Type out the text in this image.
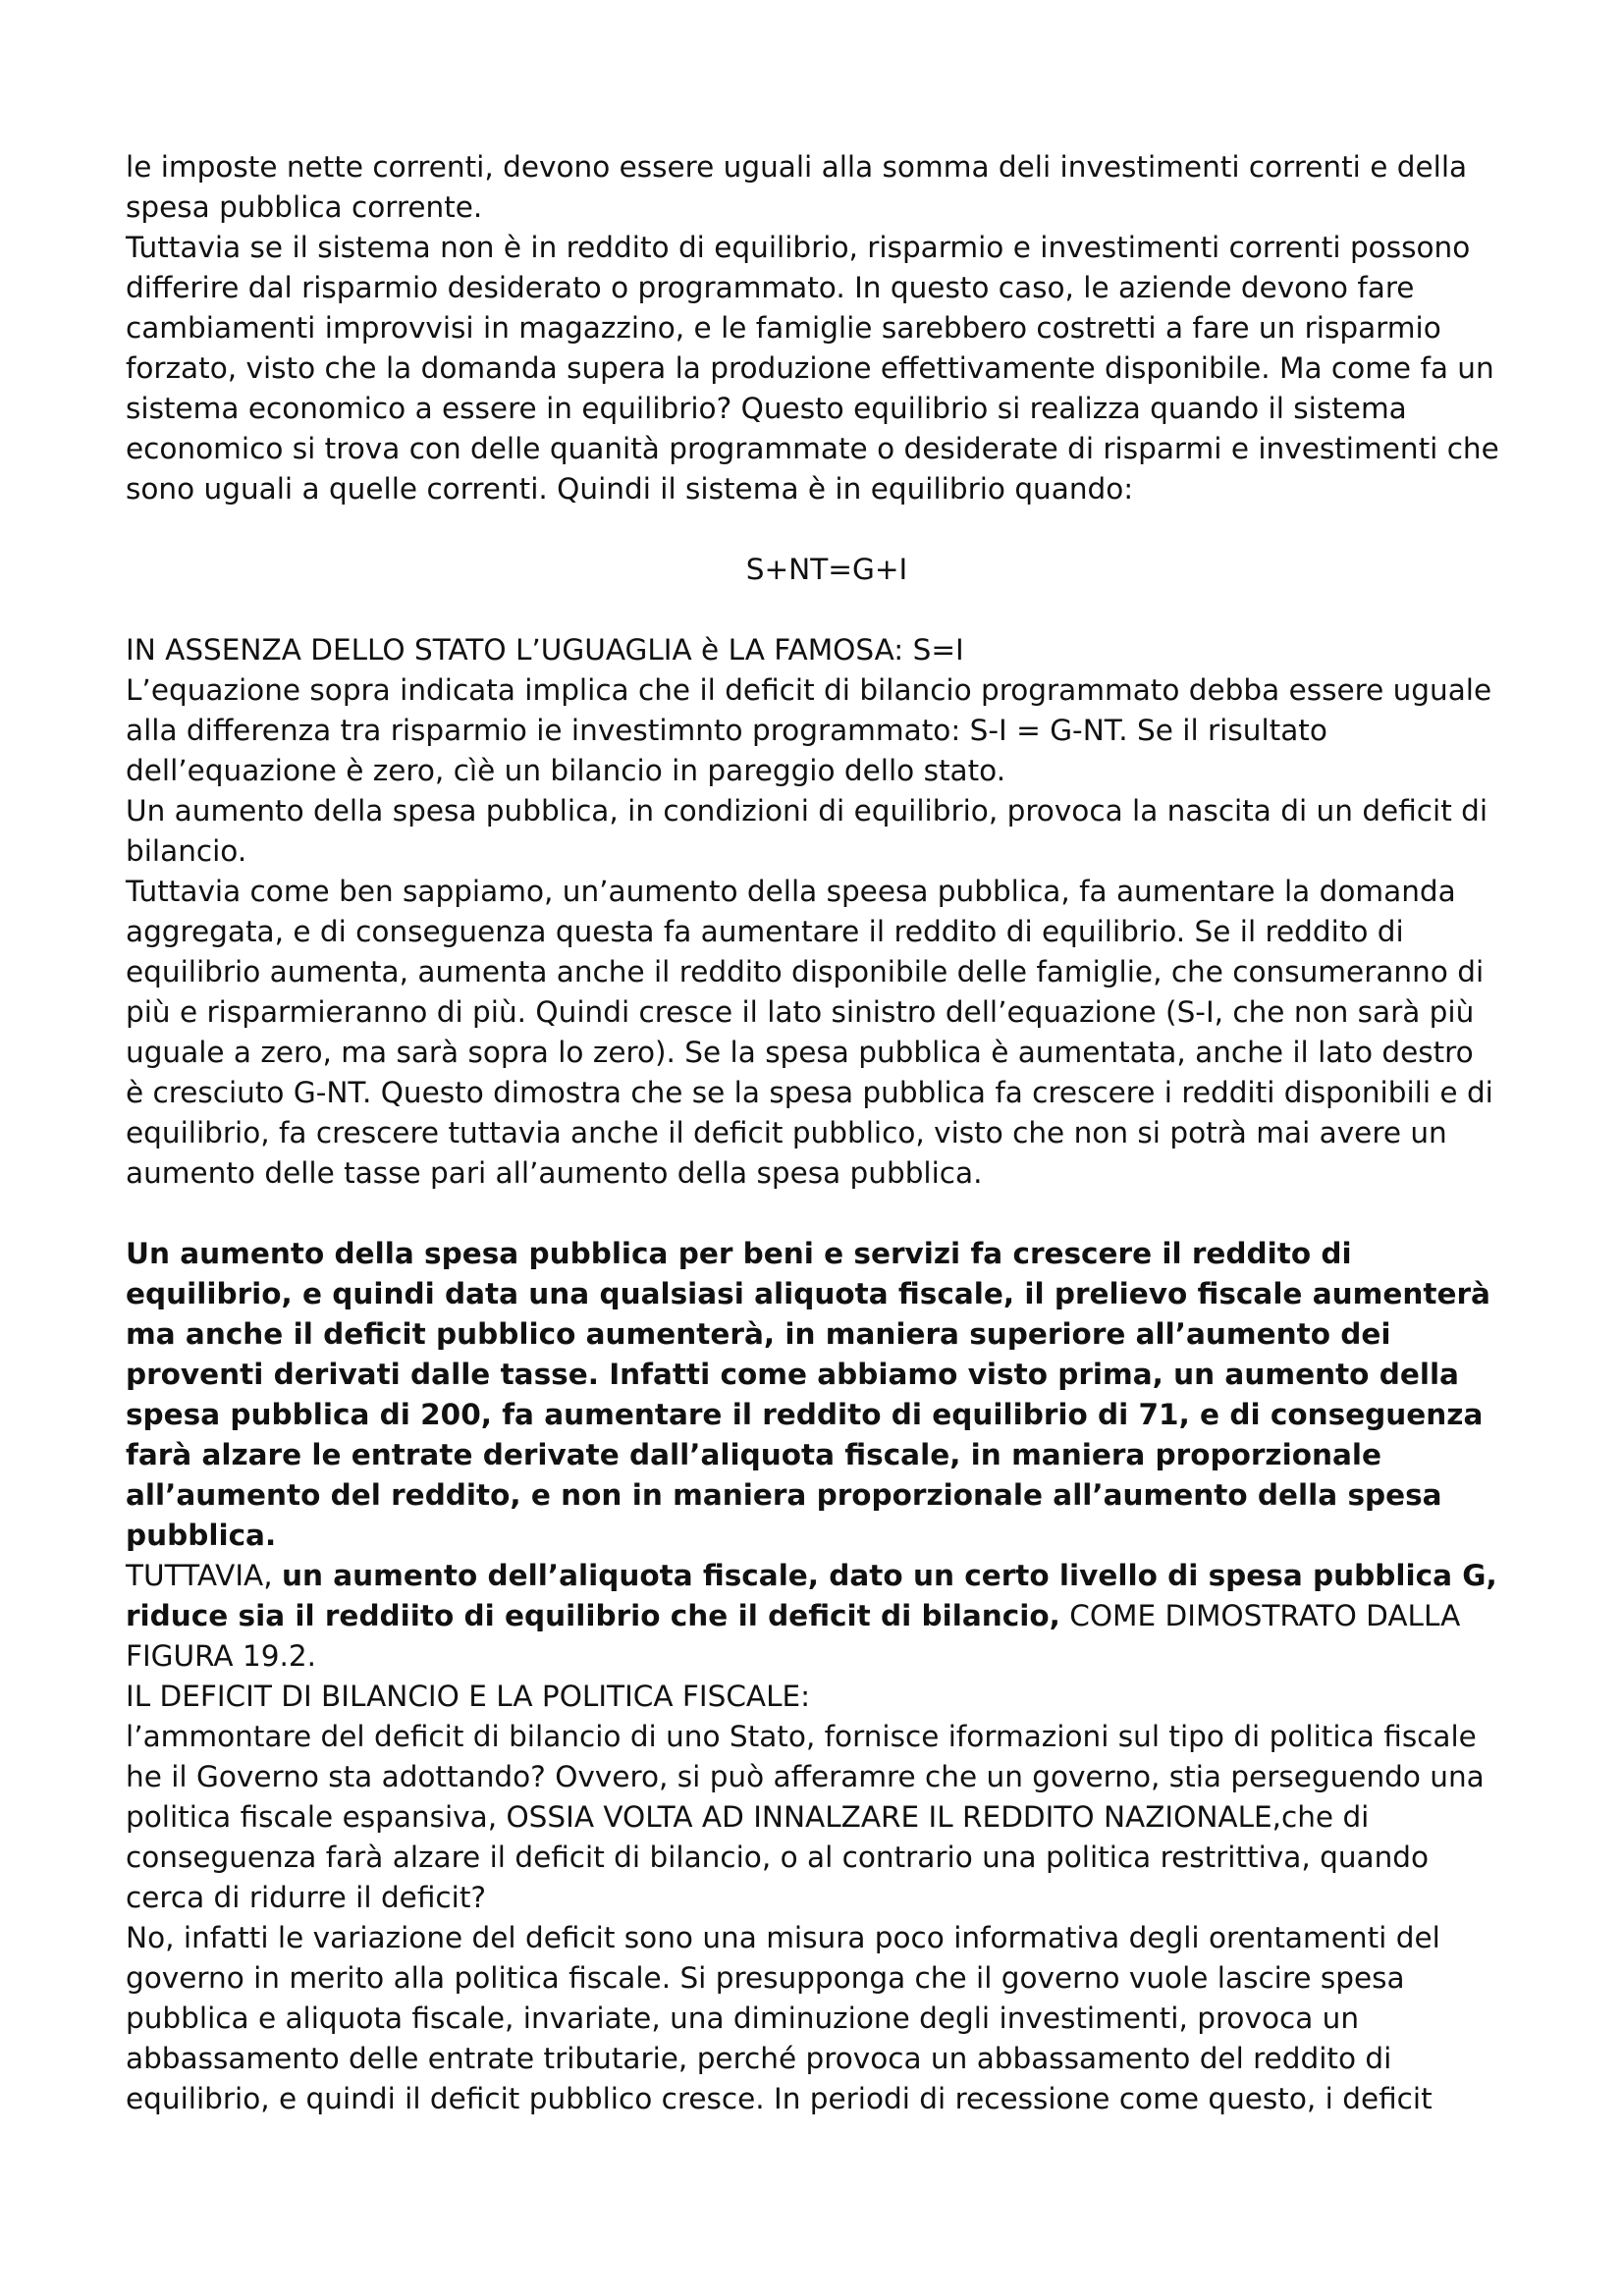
le imposte nette correnti, devono essere uguali alla somma deli investimenti correnti e della spesa pubblica corrente.

Tuttavia se il sistema non è in reddito di equilibrio, risparmio e investimenti correnti possono differire dal risparmio desiderato o programmato. In questo caso, le aziende devono fare cambiamenti improvvisi in magazzino, e le famiglie sarebbero costretti a fare un risparmio forzato, visto che la domanda supera la produzione effettivamente disponibile. Ma come fa un sistema economico a essere in equilibrio? Questo equilibrio si realizza quando il sistema economico si trova con delle quanità programmate o desiderate di risparmi e investimenti che sono uguali a quelle correnti. Quindi il sistema è in equilibrio quando:

S+NT=G+I

IN ASSENZA DELLO STATO L’UGUAGLIA è LA FAMOSA: S=I

L’equazione sopra indicata implica che il deficit di bilancio programmato debba essere uguale alla differenza tra risparmio ie investimnto programmato: S-I = G-NT. Se il risultato dell’equazione è zero, cìè un bilancio in pareggio dello stato.

Un aumento della spesa pubblica, in condizioni di equilibrio, provoca la nascita di un deficit di bilancio.

Tuttavia come ben sappiamo, un’aumento della speesa pubblica, fa aumentare la domanda aggregata, e di conseguenza questa fa aumentare il reddito di equilibrio. Se il reddito di equilibrio aumenta, aumenta anche il reddito disponibile delle famiglie, che consumeranno di più e risparmieranno di più. Quindi cresce il lato sinistro dell’equazione (S-I, che non sarà più uguale a zero, ma sarà sopra lo zero). Se la spesa pubblica è aumentata, anche il lato destro è cresciuto G-NT. Questo dimostra che se la spesa pubblica fa crescere i redditi disponibili e di equilibrio, fa crescere tuttavia anche il deficit pubblico, visto che non si potrà mai avere un aumento delle tasse pari all’aumento della spesa pubblica.

Un aumento della spesa pubblica per beni e servizi fa crescere il reddito di equilibrio, e quindi data una qualsiasi aliquota fiscale, il prelievo fiscale aumenterà ma anche il deficit pubblico aumenterà, in maniera superiore all’aumento dei proventi derivati dalle tasse. Infatti come abbiamo visto prima, un aumento della spesa pubblica di 200, fa aumentare il reddito di equilibrio di 71, e di conseguenza farà alzare le entrate derivate dall’aliquota fiscale, in maniera proporzionale all’aumento del reddito, e non in maniera proporzionale all’aumento della spesa pubblica.

TUTTAVIA, un aumento dell’aliquota fiscale, dato un certo livello di spesa pubblica G, riduce sia il reddiito di equilibrio che il deficit di bilancio, COME DIMOSTRATO DALLA FIGURA 19.2.

IL DEFICIT DI BILANCIO E LA POLITICA FISCALE:

l’ammontare del deficit di bilancio di uno Stato, fornisce iformazioni sul tipo di politica fiscale he il Governo sta adottando? Ovvero, si può afferamre che un governo, stia perseguendo una politica fiscale espansiva, OSSIA VOLTA AD INNALZARE IL REDDITO NAZIONALE,che di conseguenza farà alzare il deficit di bilancio, o al contrario una politica restrittiva, quando cerca di ridurre il deficit?

No, infatti le variazione del deficit sono una misura poco informativa degli orentamenti del governo in merito alla politica fiscale. Si presupponga che il governo vuole lascire spesa pubblica e aliquota fiscale, invariate, una diminuzione degli investimenti, provoca un abbassamento delle entrate tributarie, perché provoca un abbassamento del reddito di equilibrio, e quindi il deficit pubblico cresce. In periodi di recessione come questo, i deficit
